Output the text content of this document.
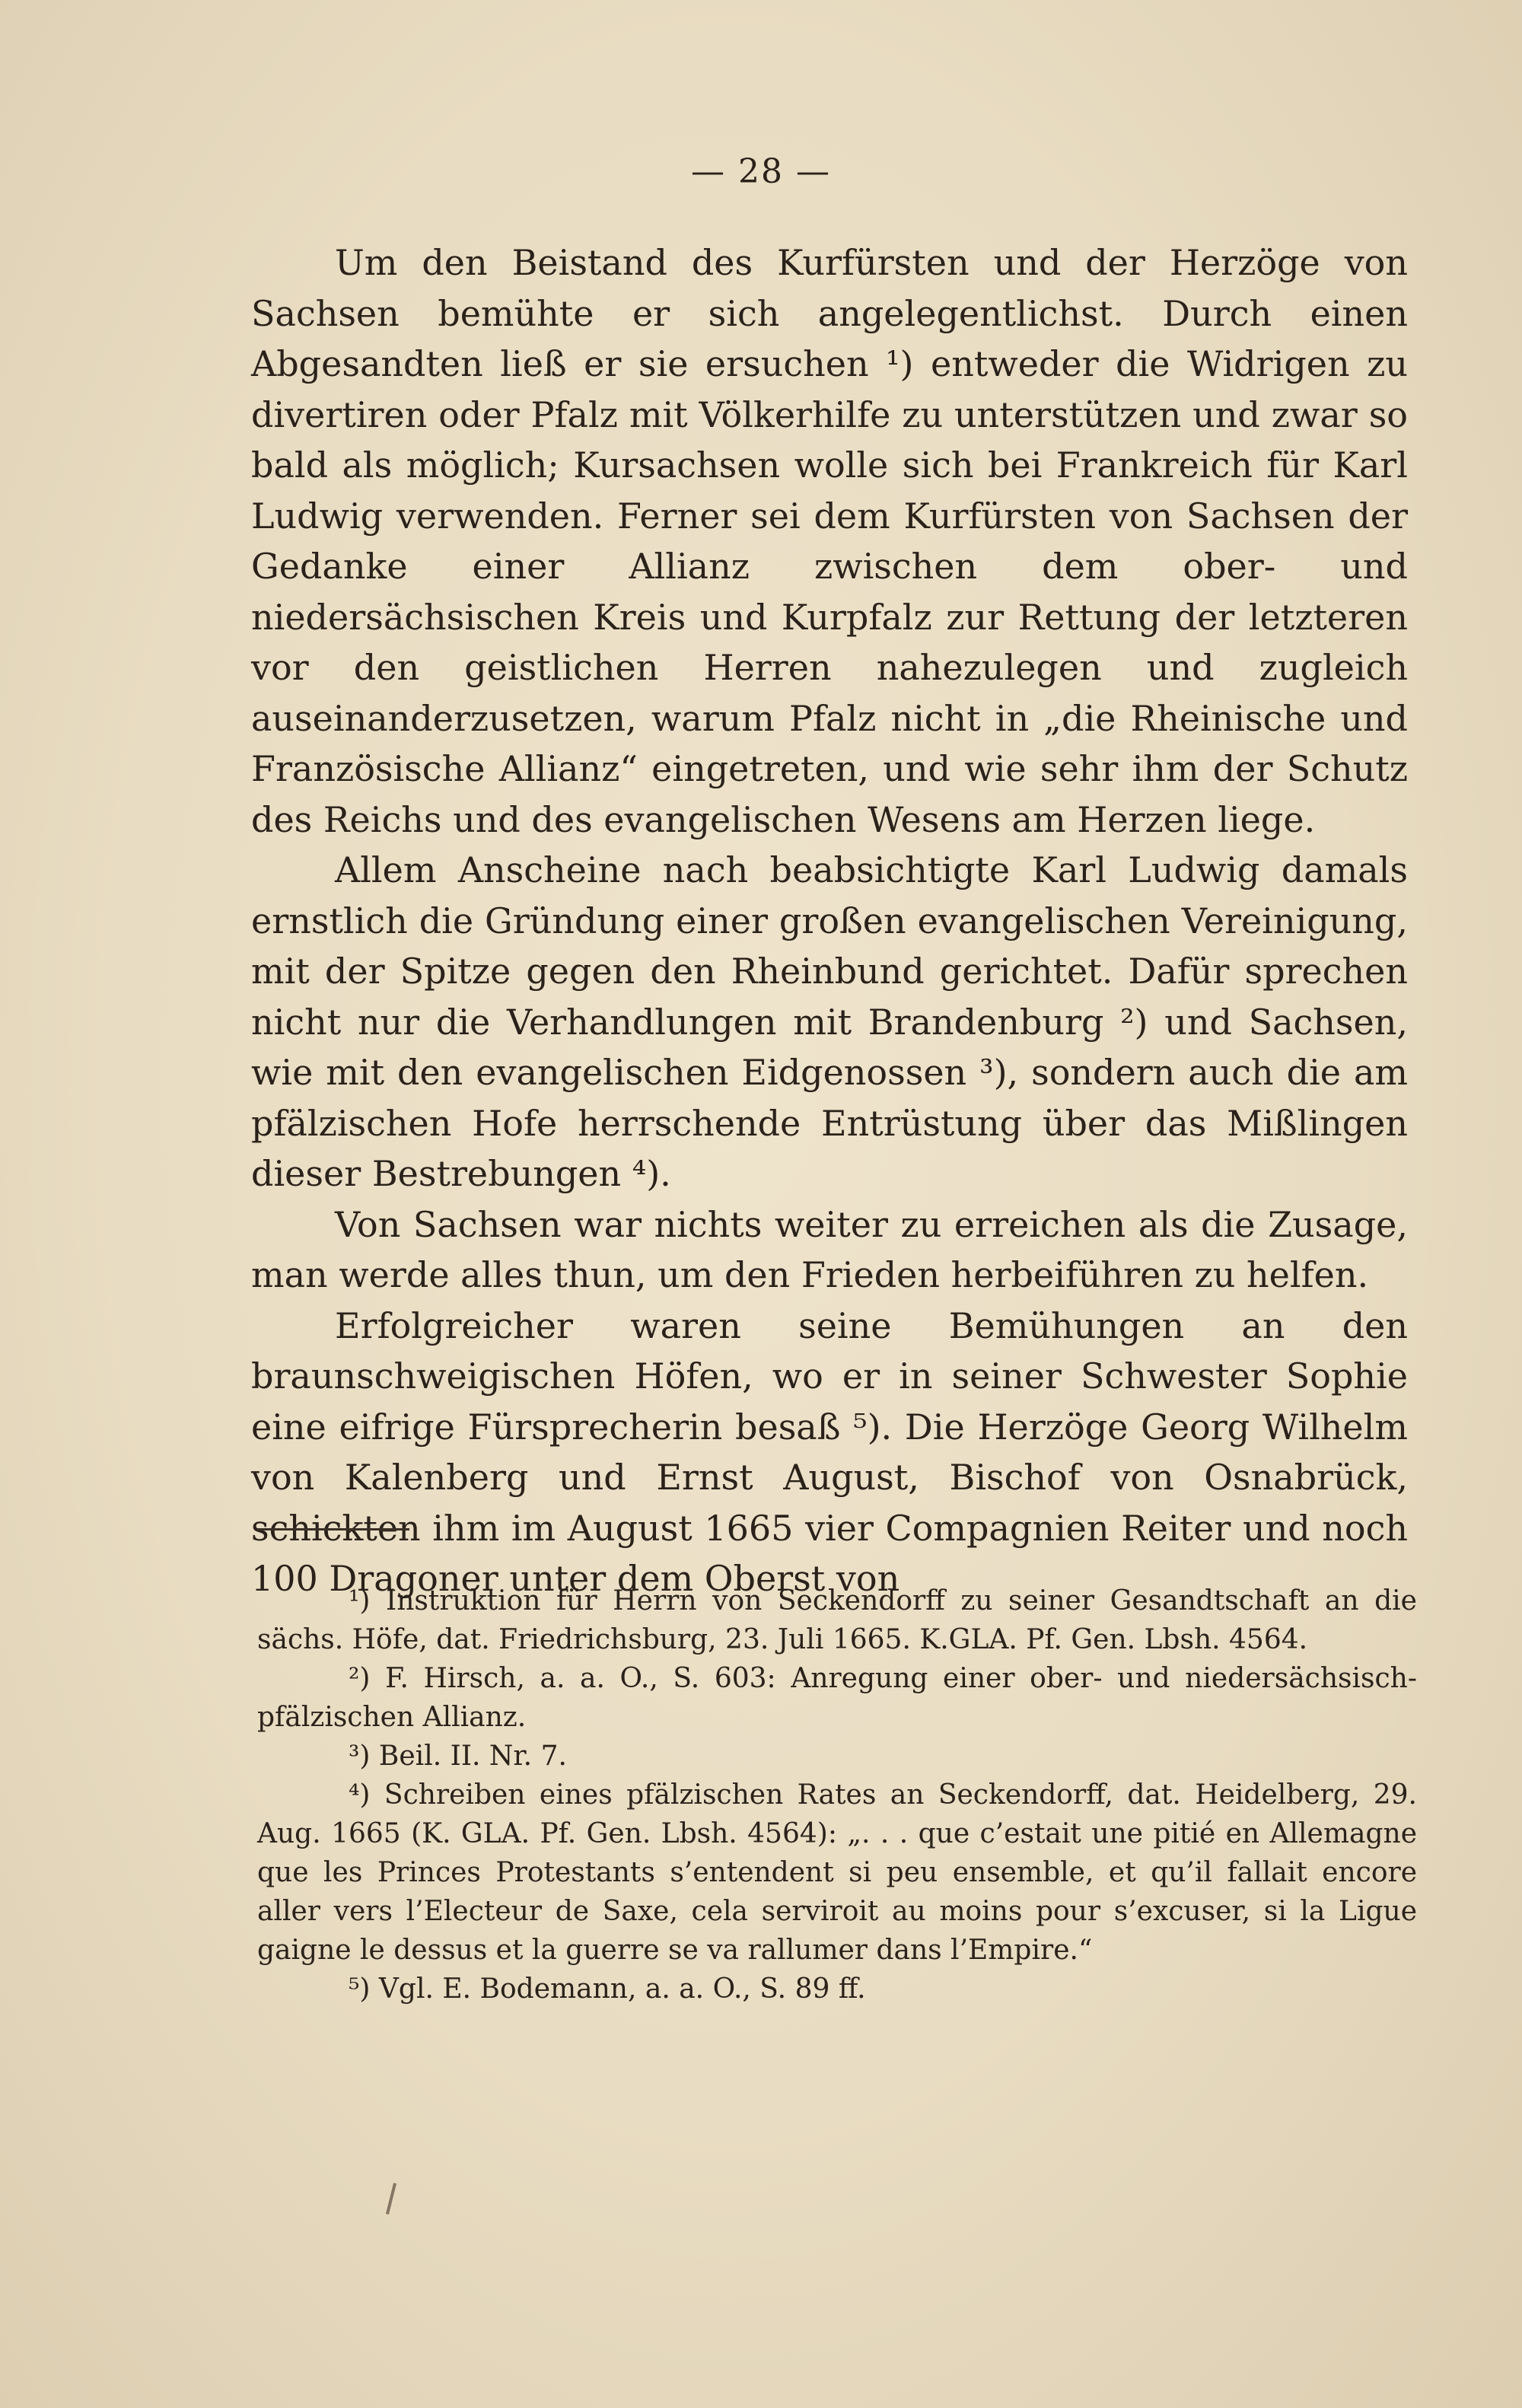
— 28 —

Um den Beistand des Kurfürsten und der Herzöge von Sachsen bemühte er sich angelegentlichst. Durch einen Abgesandten ließ er sie ersuchen ¹) entweder die Widrigen zu divertiren oder Pfalz mit Völkerhilfe zu unterstützen und zwar so bald als möglich; Kursachsen wolle sich bei Frankreich für Karl Ludwig verwenden. Ferner sei dem Kurfürsten von Sachsen der Gedanke einer Allianz zwischen dem ober- und niedersächsischen Kreis und Kurpfalz zur Rettung der letzteren vor den geistlichen Herren nahezulegen und zugleich auseinanderzusetzen, warum Pfalz nicht in „die Rheinische und Französische Allianz“ eingetreten, und wie sehr ihm der Schutz des Reichs und des evangelischen Wesens am Herzen liege.

Allem Anscheine nach beabsichtigte Karl Ludwig damals ernstlich die Gründung einer großen evangelischen Vereinigung, mit der Spitze gegen den Rheinbund gerichtet. Dafür sprechen nicht nur die Verhandlungen mit Brandenburg ²) und Sachsen, wie mit den evangelischen Eidgenossen ³), sondern auch die am pfälzischen Hofe herrschende Entrüstung über das Mißlingen dieser Bestrebungen ⁴).

Von Sachsen war nichts weiter zu erreichen als die Zusage, man werde alles thun, um den Frieden herbeiführen zu helfen.

Erfolgreicher waren seine Bemühungen an den braunschweigischen Höfen, wo er in seiner Schwester Sophie eine eifrige Fürsprecherin besaß ⁵). Die Herzöge Georg Wilhelm von Kalenberg und Ernst August, Bischof von Osnabrück, schickten ihm im August 1665 vier Compagnien Reiter und noch 100 Dragoner unter dem Oberst von

¹) Instruktion für Herrn von Seckendorff zu seiner Gesandtschaft an die sächs. Höfe, dat. Friedrichsburg, 23. Juli 1665. K.GLA. Pf. Gen. Lbsh. 4564.

²) F. Hirsch, a. a. O., S. 603: Anregung einer ober- und niedersächsisch-pfälzischen Allianz.

³) Beil. II. Nr. 7.

⁴) Schreiben eines pfälzischen Rates an Seckendorff, dat. Heidelberg, 29. Aug. 1665 (K. GLA. Pf. Gen. Lbsh. 4564): „. . . que c’estait une pitié en Allemagne que les Princes Protestants s’entendent si peu ensemble, et qu’il fallait encore aller vers l’Electeur de Saxe, cela serviroit au moins pour s’excuser, si la Ligue gaigne le dessus et la guerre se va rallumer dans l’Empire.“

⁵) Vgl. E. Bodemann, a. a. O., S. 89 ff.
